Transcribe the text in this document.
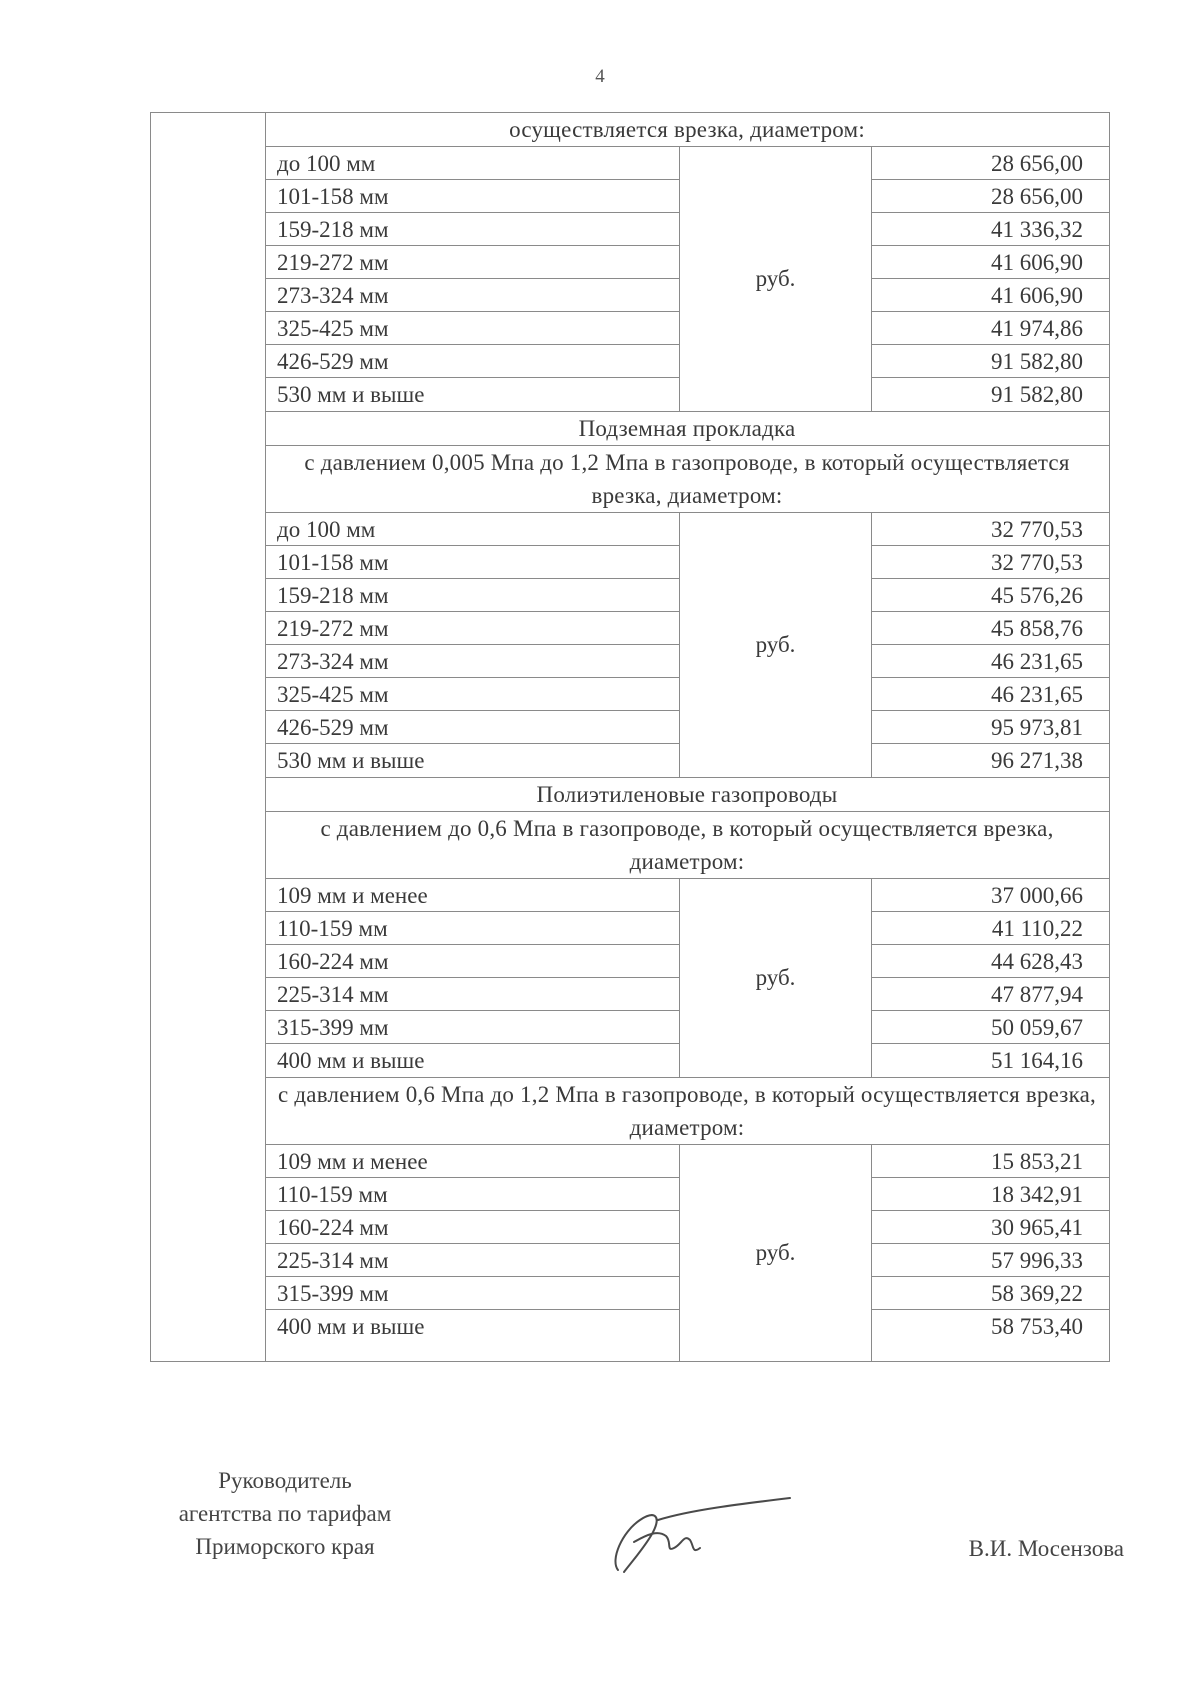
4
осуществляется врезка, диаметром:
до 100 мм
101-158 мм
159-218 мм
219-272 мм
273-324 мм
325-425 мм
426-529 мм
530 мм и выше
руб.
28 656,00
28 656,00
41 336,32
41 606,90
41 606,90
41 974,86
91 582,80
91 582,80
Подземная прокладка
с давлением 0,005 Мпа до 1,2 Мпа в газопроводе, в который осуществляется врезка, диаметром:
до 100 мм
101-158 мм
159-218 мм
219-272 мм
273-324 мм
325-425 мм
426-529 мм
530 мм и выше
руб.
32 770,53
32 770,53
45 576,26
45 858,76
46 231,65
46 231,65
95 973,81
96 271,38
Полиэтиленовые газопроводы
с давлением до 0,6 Мпа в газопроводе, в который осуществляется врезка, диаметром:
109 мм и менее
110-159 мм
160-224 мм
225-314 мм
315-399 мм
400 мм и выше
руб.
37 000,66
41 110,22
44 628,43
47 877,94
50 059,67
51 164,16
с давлением 0,6 Мпа до 1,2 Мпа в газопроводе, в который осуществляется врезка, диаметром:
109 мм и менее
110-159 мм
160-224 мм
225-314 мм
315-399 мм
400 мм и выше
руб.
15 853,21
18 342,91
30 965,41
57 996,33
58 369,22
58 753,40
Руководитель
агентства по тарифам
Приморского края	В.И. Мосензова
